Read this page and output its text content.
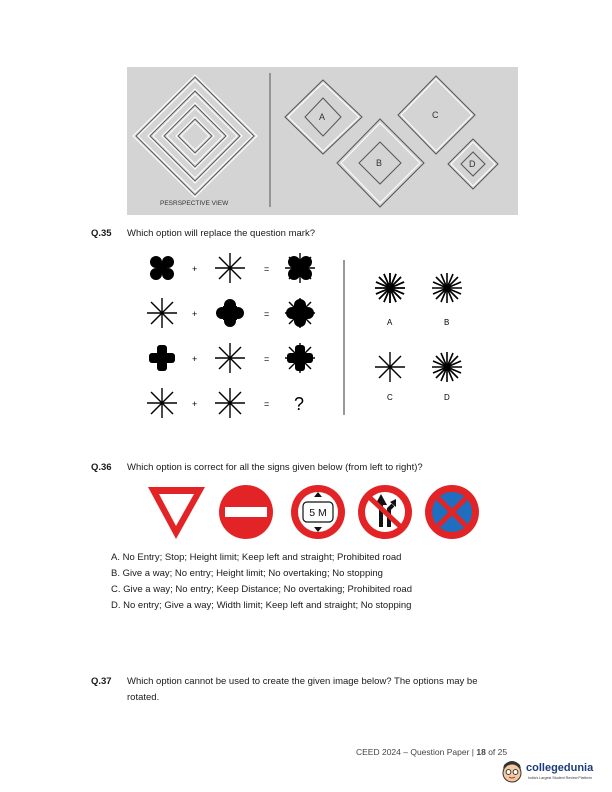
PESRSPECTIVE VIEW
A
B
C
D
Q.35 Which option will replace the question mark?
+	=
+	=
+	=
+	= ?
A	B
C	D
Q.36 Which option is correct for all the signs given below (from left to right)?
5 M
A. No Entry; Stop; Height limit; Keep left and straight; Prohibited road
B. Give a way; No entry; Height limit; No overtaking; No stopping
C. Give a way; No entry; Keep Distance; No overtaking; Prohibited road
D. No entry; Give a way; Width limit; Keep left and straight; No stopping
Q.37 Which option cannot be used to create the given image below? The options may be
rotated.
CEED 2024 – Question Paper | 18 of 25
collegedunia
India's Largest Student Review Platform
